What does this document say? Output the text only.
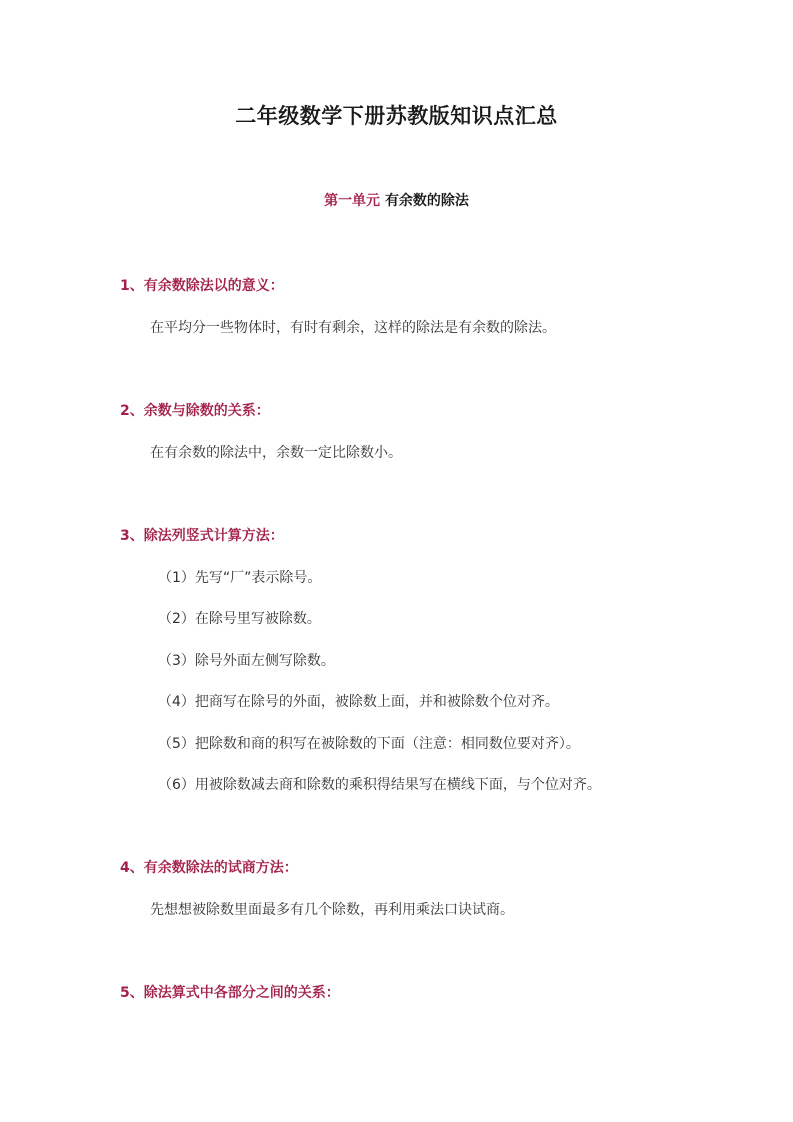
二年级数学下册苏教版知识点汇总
第一单元 有余数的除法
1、有余数除法以的意义：
在平均分一些物体时，有时有剩余，这样的除法是有余数的除法。
2、余数与除数的关系：
在有余数的除法中，余数一定比除数小。
3、除法列竖式计算方法：
（1）先写“厂”表示除号。
（2）在除号里写被除数。
（3）除号外面左侧写除数。
（4）把商写在除号的外面，被除数上面，并和被除数个位对齐。
（5）把除数和商的积写在被除数的下面（注意：相同数位要对齐）。
（6）用被除数减去商和除数的乘积得结果写在横线下面，与个位对齐。
4、有余数除法的试商方法：
先想想被除数里面最多有几个除数，再利用乘法口诀试商。
5、除法算式中各部分之间的关系：
